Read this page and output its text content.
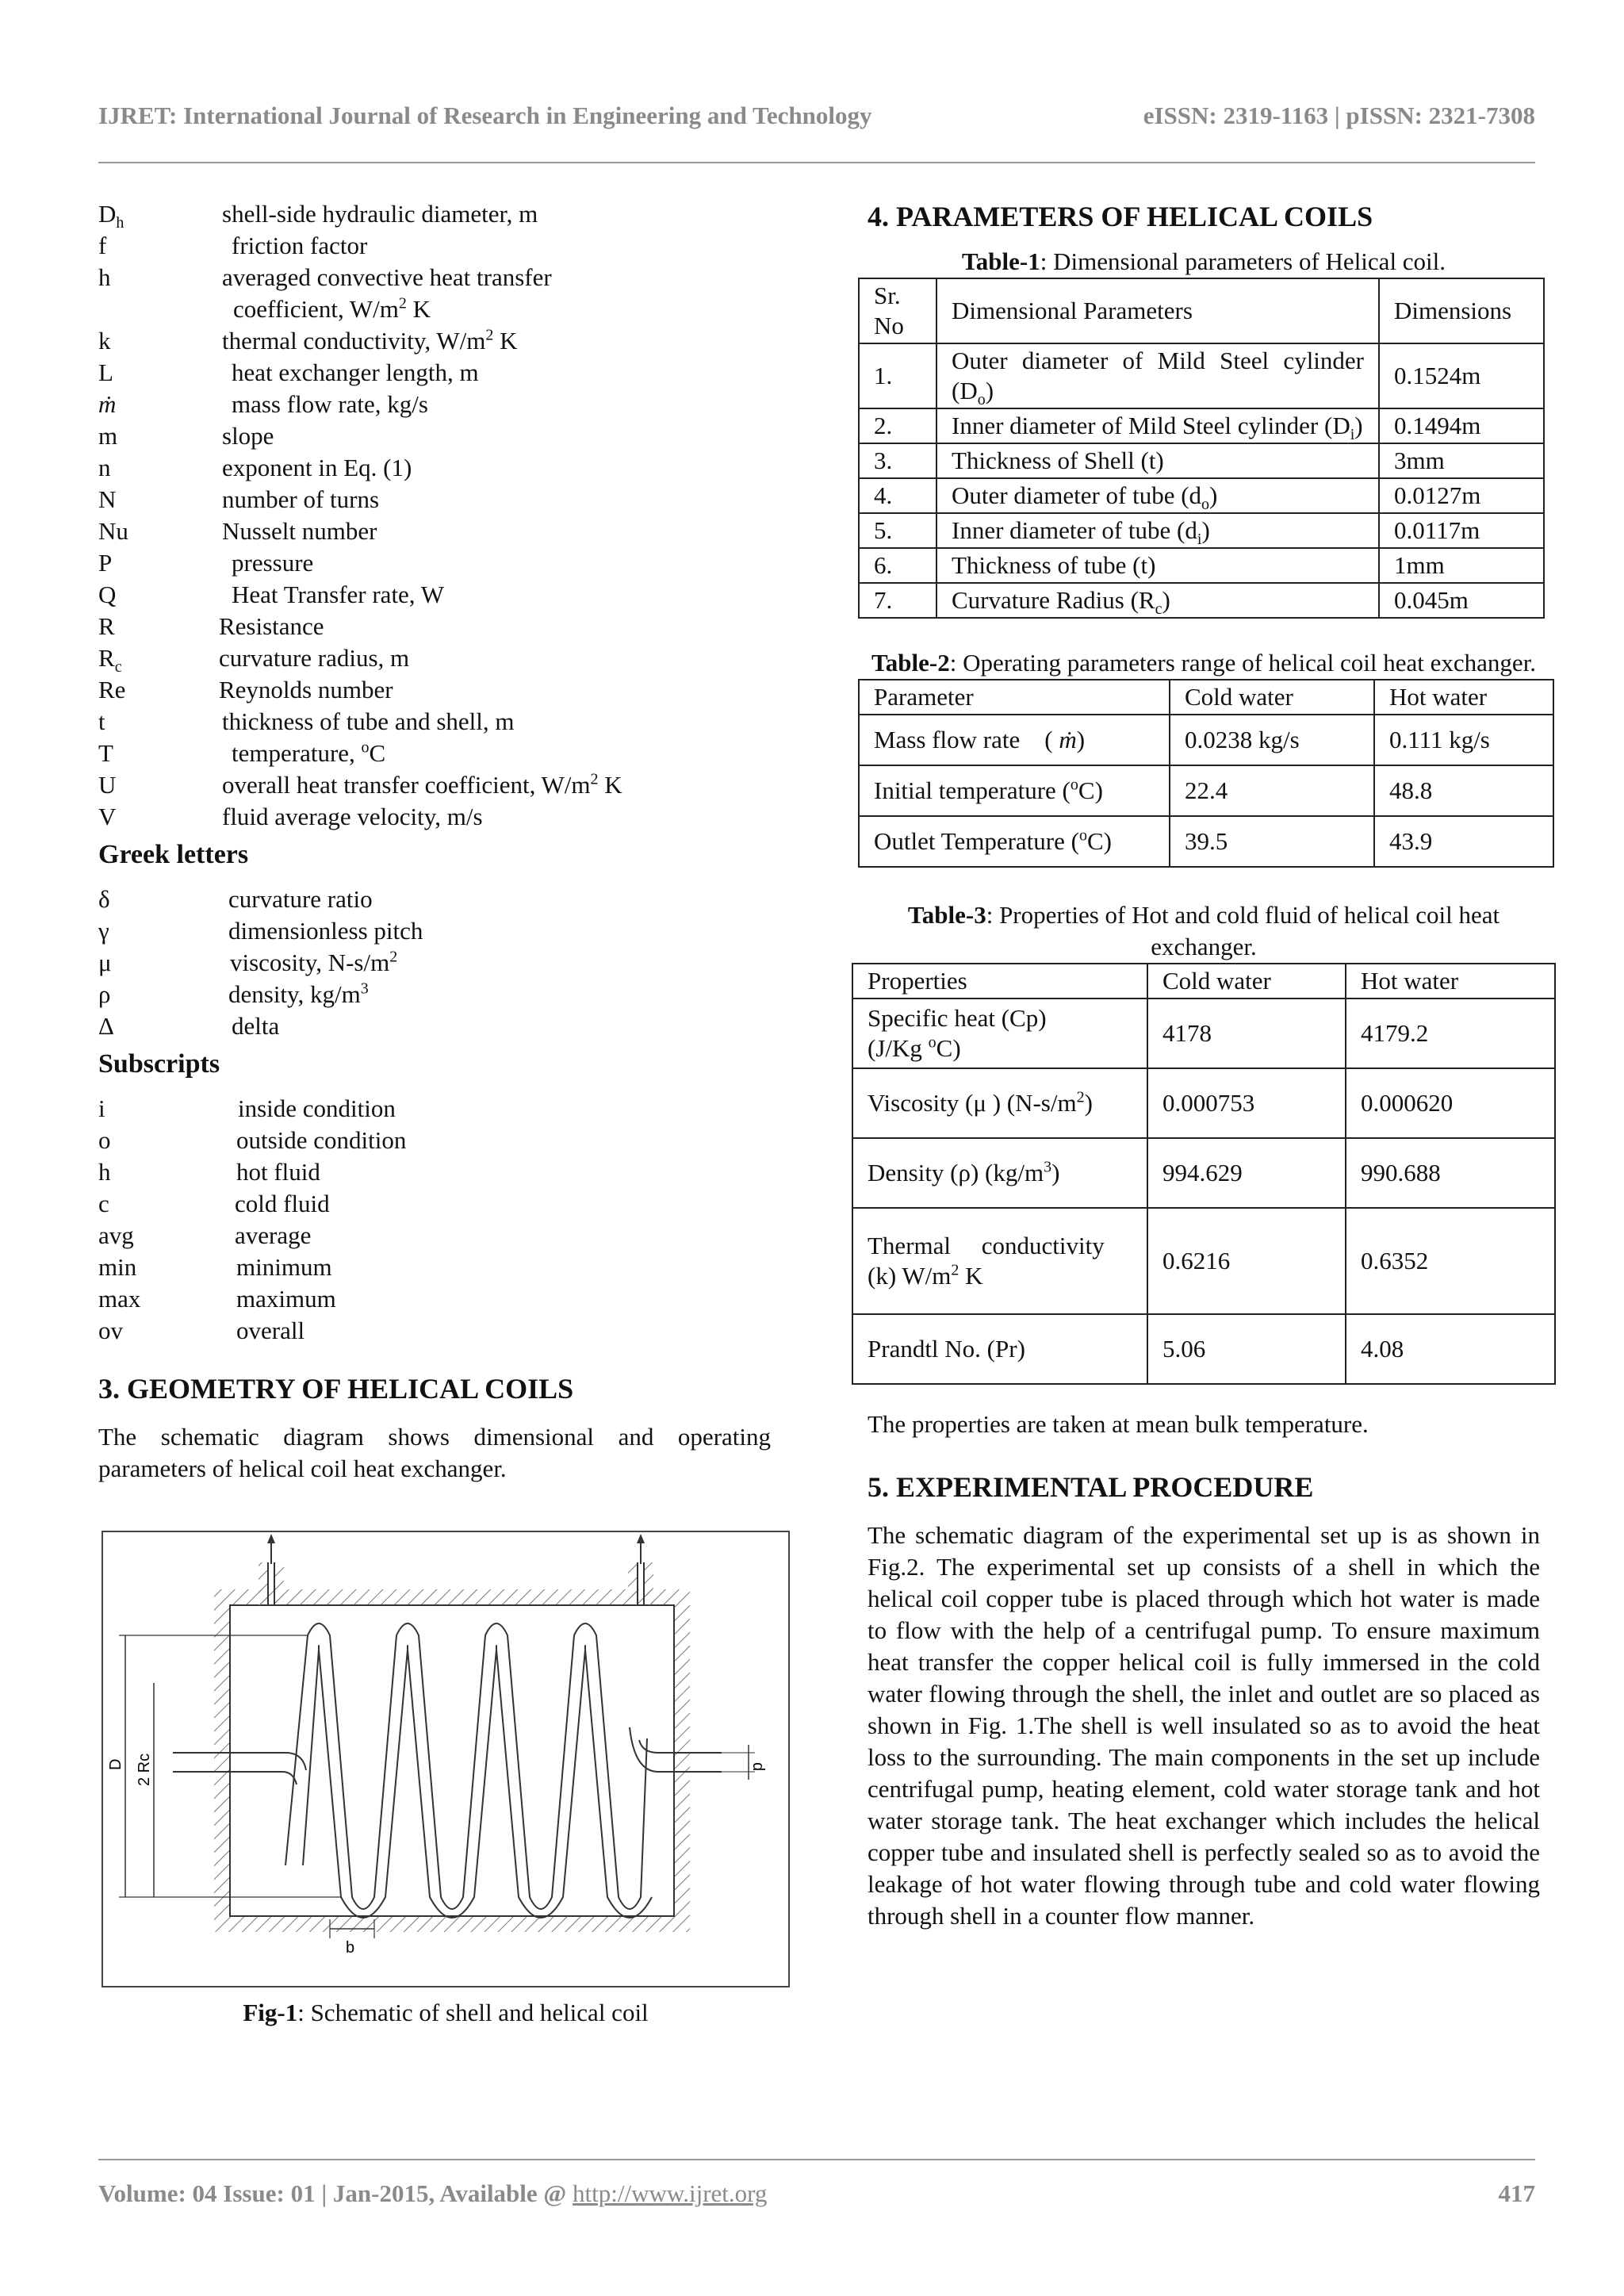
IJRET: International Journal of Research in Engineering and Technology	eISSN: 2319-1163 | pISSN: 2321-7308
$D_h$	shell-side hydraulic diameter, m
f	friction factor
h	averaged convective heat transfer
coefficient, $W/m^2$ K
k	thermal conductivity, $W/m^2$ K
L	heat exchanger length, m
ṁ	mass flow rate, kg/s
m	slope
n	exponent in Eq. (1)
N	number of turns
Nu	Nusselt number
P	pressure
Q	Heat Transfer rate, W
R	Resistance
$R_c$	curvature radius, m
Re	Reynolds number
t	thickness of tube and shell, m
T	temperature, $^o$C
U	overall heat transfer coefficient, $W/m^2$ K
V	fluid average velocity, m/s
Greek letters
δ	curvature ratio
γ	dimensionless pitch
μ	viscosity, $N-s/m^2$
ρ	density, $kg/m^3$
Δ	delta
Subscripts
i	inside condition
o	outside condition
h	hot fluid
c	cold fluid
avg	average
min	minimum
max	maximum
ov	overall
3. GEOMETRY OF HELICAL COILS
The schematic diagram shows dimensional and operating parameters of helical coil heat exchanger.
D 2 Rc
b
d
Fig-1: Schematic of shell and helical coil
4. PARAMETERS OF HELICAL COILS
Table-1: Dimensional parameters of Helical coil.
Sr. No	Dimensional Parameters	Dimensions
1.	Outer diameter of Mild Steel cylinder $(D_o)$	0.1524m
2.	Inner diameter of Mild Steel cylinder $(D_i)$	0.1494m
3.	Thickness of Shell (t)	3mm
4.	Outer diameter of tube $(d_o)$	0.0127m
5.	Inner diameter of tube $(d_i)$	0.0117m
6.	Thickness of tube (t)	1mm
7.	Curvature Radius $(R_c)$	0.045m
Table-2: Operating parameters range of helical coil heat exchanger.
Parameter	Cold water	Hot water
Mass flow rate    ( ṁ)	0.0238 kg/s	0.111 kg/s
Initial temperature ($^o$C)	22.4	48.8
Outlet Temperature ($^o$C)	39.5	43.9
Table-3: Properties of Hot and cold fluid of helical coil heat exchanger.
Properties	Cold water	Hot water
Specific heat (Cp)
(J/Kg $^o$C)	4178	4179.2
Viscosity (μ ) $(N-s/m^2)$	0.000753	0.000620
Density (ρ) $(kg/m^3)$	994.629	990.688
Thermal     conductivity
(k) $W/m^2$ K	0.6216	0.6352
Prandtl No. (Pr)	5.06	4.08
The properties are taken at mean bulk temperature.
5. EXPERIMENTAL PROCEDURE
The schematic diagram of the experimental set up is as shown in Fig.2. The experimental set up consists of a shell in which the helical coil copper tube is placed through which hot water is made to flow with the help of a centrifugal pump. To ensure maximum heat transfer the copper helical coil is fully immersed in the cold water flowing through the shell, the inlet and outlet are so placed as shown in Fig. 1.The shell is well insulated so as to avoid the heat loss to the surrounding. The main components in the set up include centrifugal pump, heating element, cold water storage tank and hot water storage tank. The heat exchanger which includes the helical copper tube and insulated shell is perfectly sealed so as to avoid the leakage of hot water flowing through tube and cold water flowing through shell in a counter flow manner.
Volume: 04 Issue: 01 | Jan-2015, Available @ http://www.ijret.org	417
